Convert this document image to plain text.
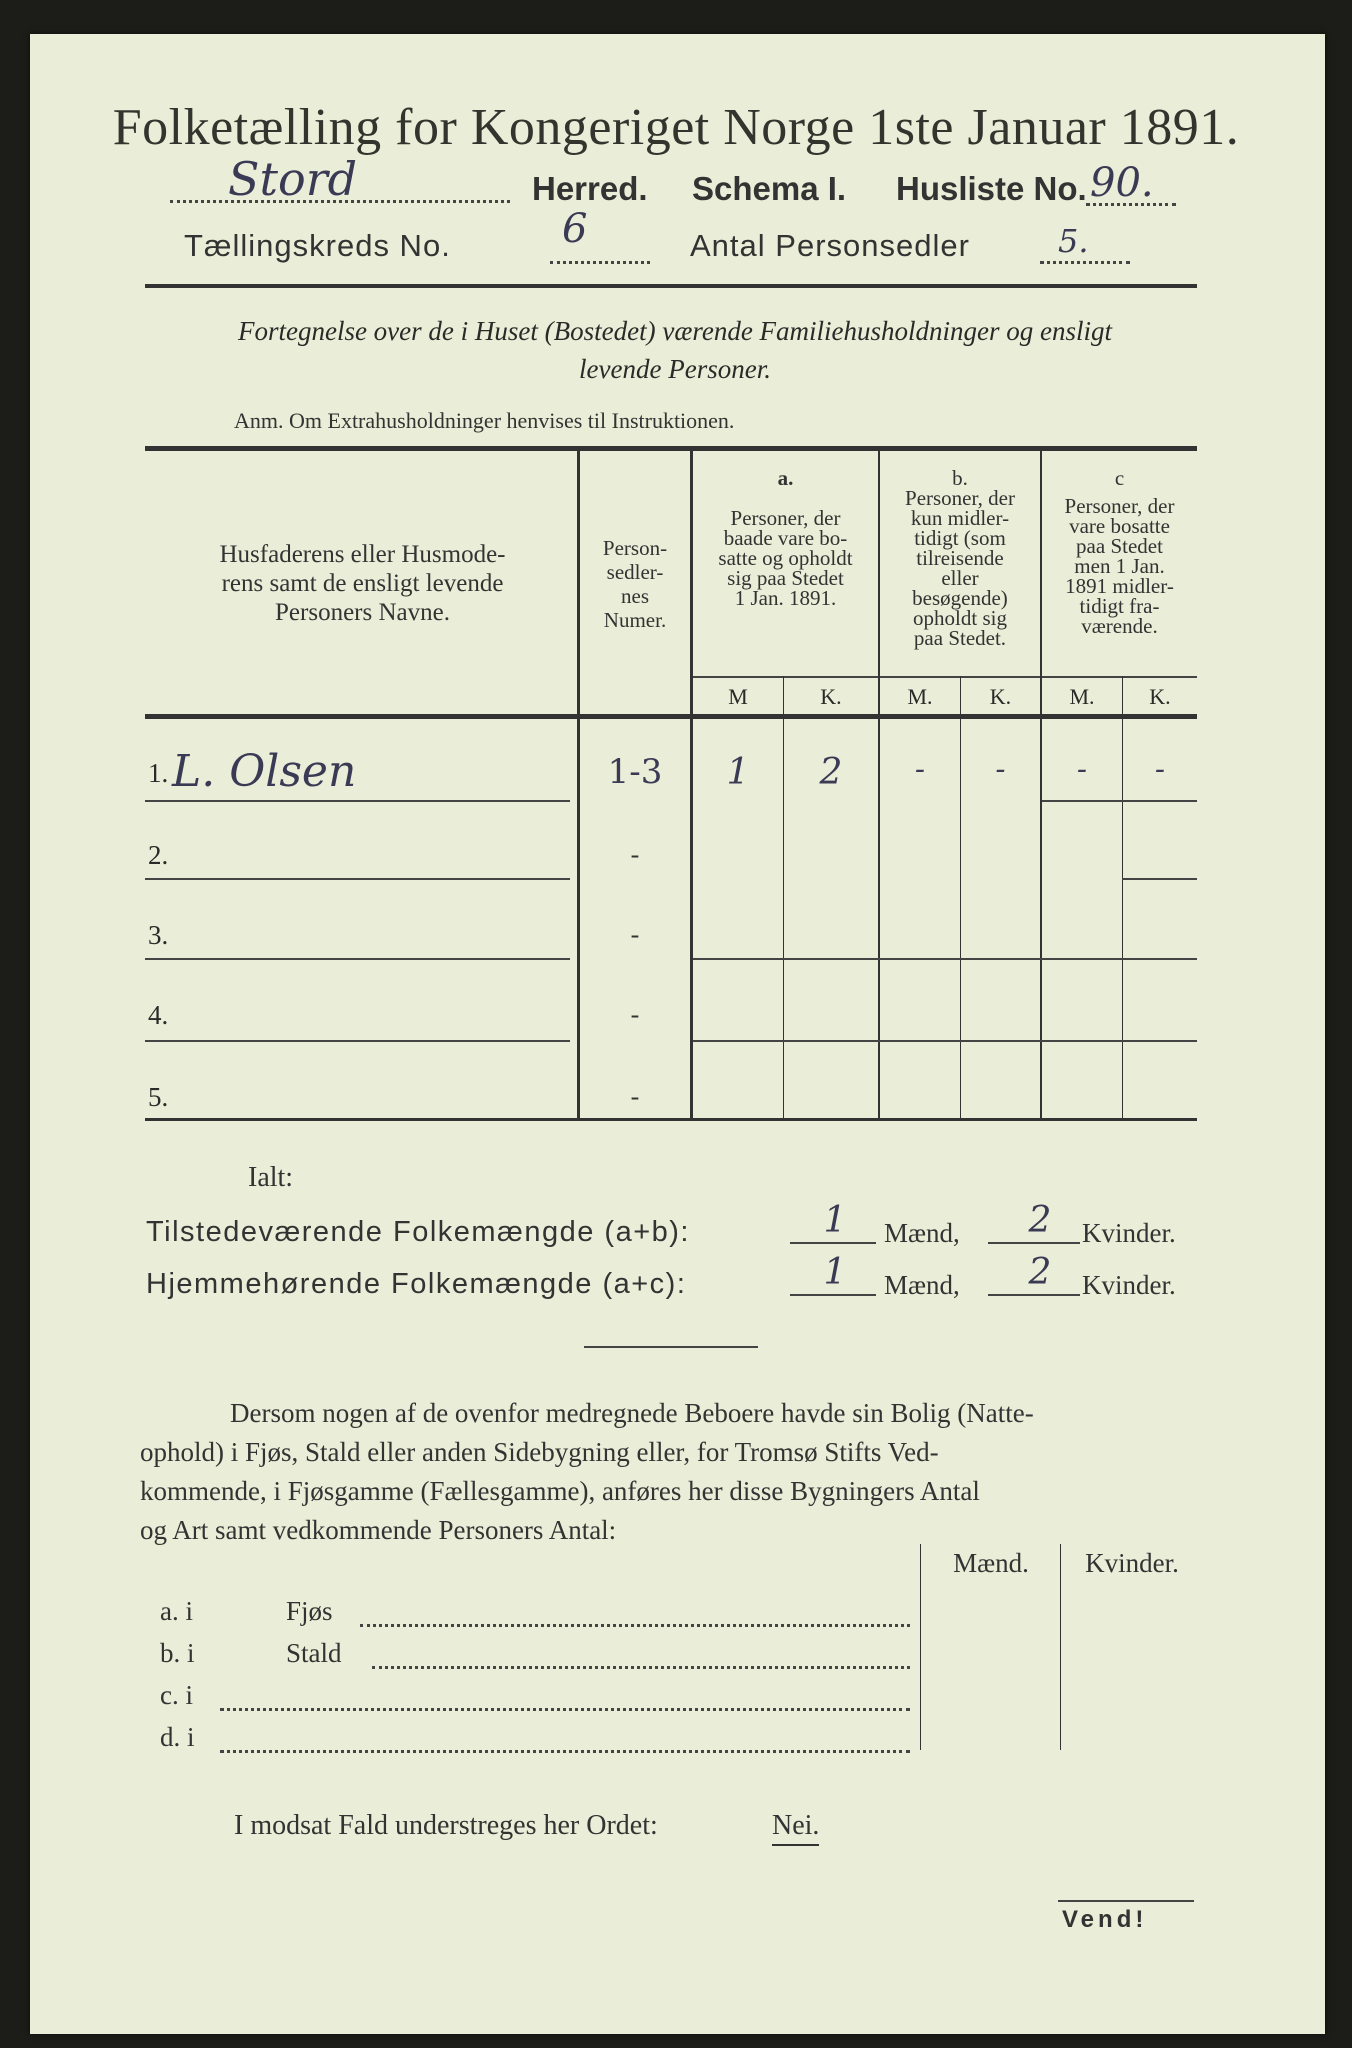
Folketælling for Kongeriget Norge 1ste Januar 1891.
Stord	Herred. Schema I. Husliste No. 90.
Tællingskreds No.	6	Antal Personsedler	5.
Fortegnelse over de i Huset (Bostedet) værende Familiehusholdninger og ensligt
levende Personer.
Anm. Om Extrahusholdninger henvises til Instruktionen.
Husfaderens eller Husmode-
rens samt de ensligt levende
Personers Navne.
Person-
sedler-
nes
Numer.
a.
Personer, der
baade vare bo-
satte og opholdt
sig paa Stedet
1 Jan. 1891.
b.
Personer, der
kun midler-
tidigt (som
tilreisende
eller
besøgende)
opholdt sig
paa Stedet.
c
Personer, der
vare bosatte
paa Stedet
men 1 Jan.
1891 midler-
tidigt fra-
værende.
M	K.	M.	K.	M.	K.
1. L. Olsen	1-3	1	2	-	-	-	-
2.	-
3.	-
4.	-
5.	-
Ialt:
Tilstedeværende Folkemængde (a+b):	1	Mænd,	2	Kvinder.
Hjemmehørende Folkemængde (a+c):	1	Mænd,	2	Kvinder.
Dersom nogen af de ovenfor medregnede Beboere havde sin Bolig (Natte-
ophold) i Fjøs, Stald eller anden Sidebygning eller, for Tromsø Stifts Ved-
kommende, i Fjøsgamme (Fællesgamme), anføres her disse Bygningers Antal
og Art samt vedkommende Personers Antal:
Mænd.	Kvinder.
a. i	Fjøs
b. i	Stald
c. i
d. i
I modsat Fald understreges her Ordet:	Nei.
Vend!
